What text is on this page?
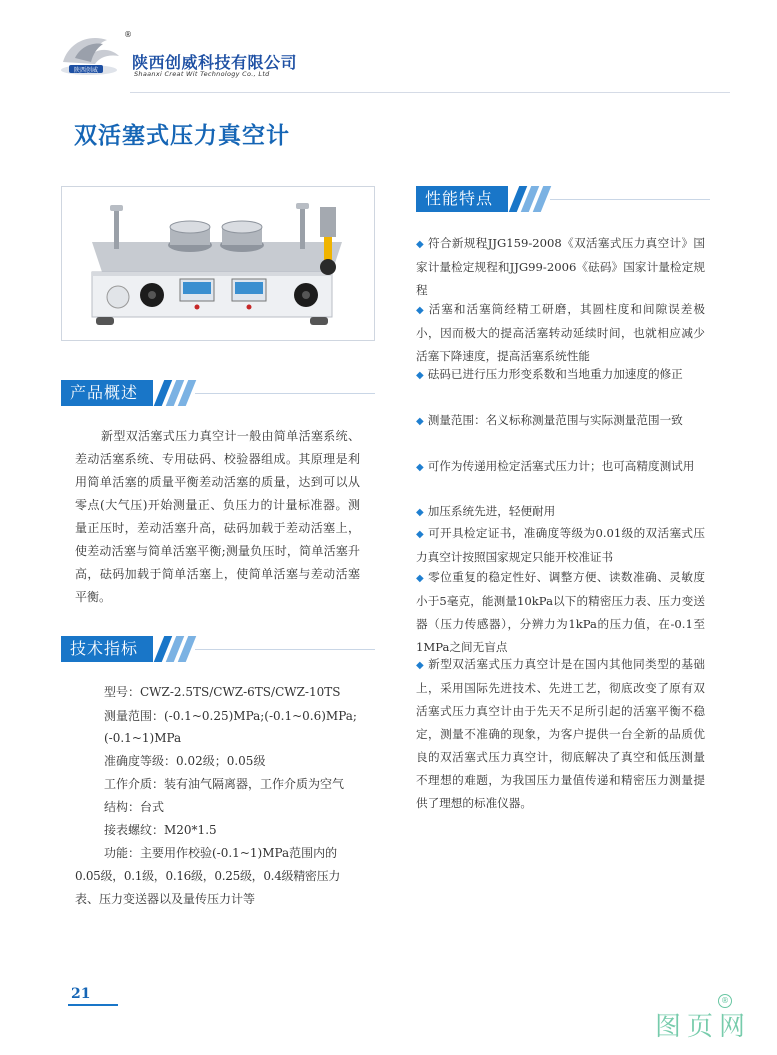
陕西创威
®
陕西创威科技有限公司
Shaanxi Creat Wit Technology Co., Ltd
双活塞式压力真空计
产品概述

新型双活塞式压力真空计一般由简单活塞系统、差动活塞系统、专用砝码、校验器组成。其原理是利用简单活塞的质量平衡差动活塞的质量，达到可以从零点(大气压)开始测量正、负压力的计量标准器。测量正压时，差动活塞升高，砝码加载于差动活塞上，使差动活塞与简单活塞平衡;测量负压时，简单活塞升高，砝码加载于简单活塞上，使简单活塞与差动活塞平衡。

技术指标
型号：CWZ-2.5TS/CWZ-6TS/CWZ-10TS
测量范围：(-0.1~0.25)MPa;(-0.1~0.6)MPa;
(-0.1~1)MPa
准确度等级：0.02级；0.05级
工作介质：装有油气隔离器，工作介质为空气
结构：台式
接表螺纹：M20*1.5
功能：主要用作校验(-0.1~1)MPa范围内的
0.05级，0.1级，0.16级，0.25级，0.4级精密压力
表、压力变送器以及量传压力计等
性能特点
◆ 符合新规程JJG159-2008《双活塞式压力真空计》国家计量检定规程和JJG99-2006《砝码》国家计量检定规程
◆ 活塞和活塞筒经精工研磨，其圆柱度和间隙误差极小，因而极大的提高活塞转动延续时间，也就相应减少活塞下降速度，提高活塞系统性能
◆ 砝码已进行压力形变系数和当地重力加速度的修正
◆ 测量范围：名义标称测量范围与实际测量范围一致
◆ 可作为传递用检定活塞式压力计；也可高精度测试用
◆ 加压系统先进，轻便耐用
◆ 可开具检定证书，准确度等级为0.01级的双活塞式压力真空计按照国家规定只能开校准证书
◆ 零位重复的稳定性好、调整方便、读数准确、灵敏度小于5毫克，能测量10kPa以下的精密压力表、压力变送器（压力传感器），分辨力为1kPa的压力值，在-0.1至1MPa之间无盲点
◆ 新型双活塞式压力真空计是在国内其他同类型的基础上，采用国际先进技术、先进工艺，彻底改变了原有双活塞式压力真空计由于先天不足所引起的活塞平衡不稳定，测量不准确的现象，为客户提供一台全新的品质优良的双活塞式压力真空计，彻底解决了真空和低压测量不理想的难题，为我国压力量值传递和精密压力测量提供了理想的标准仪器。
21
图页网
®
